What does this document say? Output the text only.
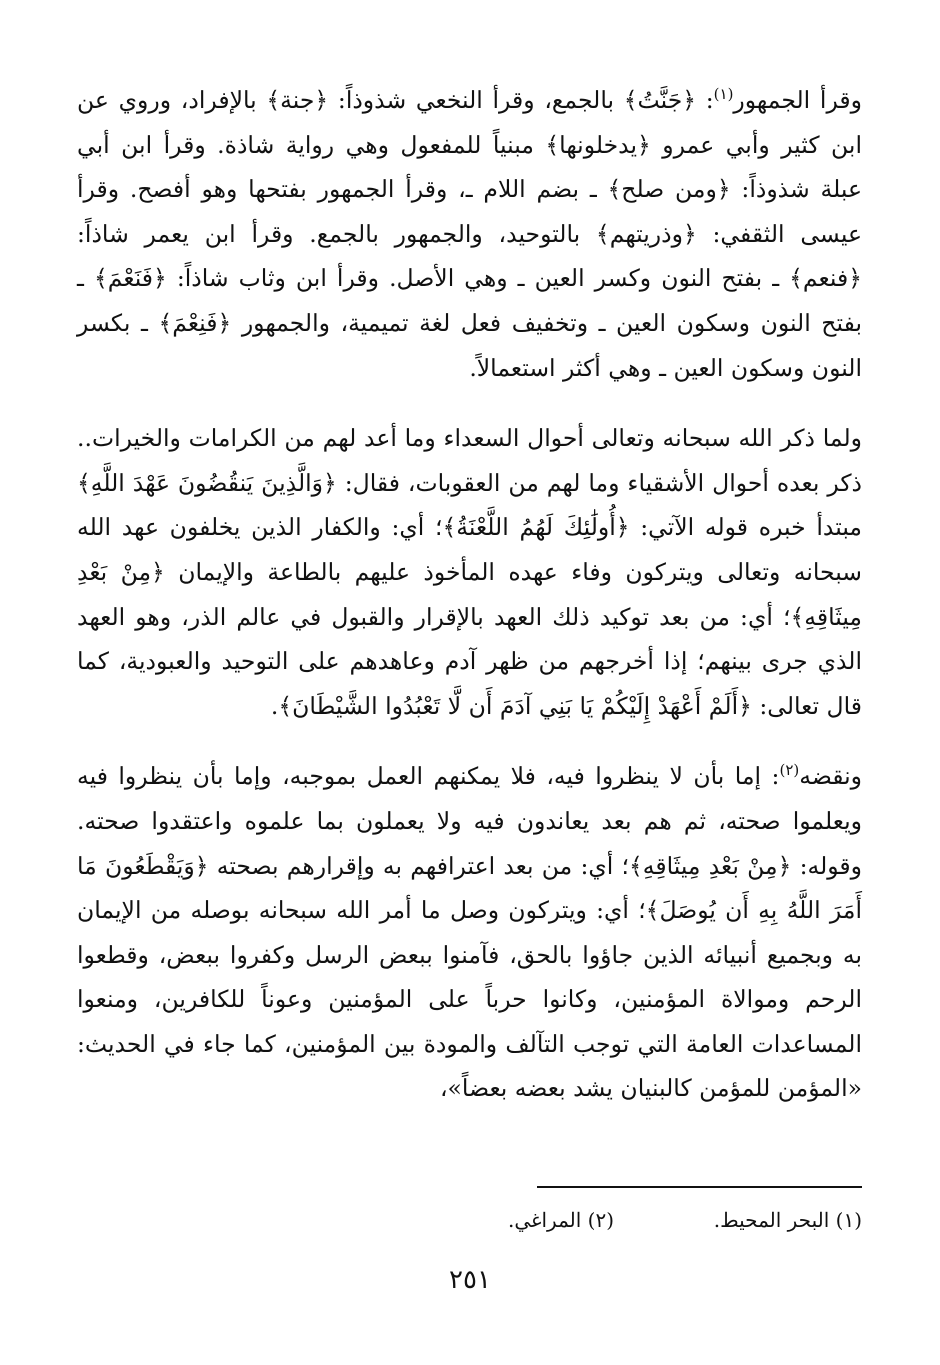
وقرأ الجمهور$^{(١)}$: ﴿جَنَّتُ﴾ بالجمع، وقرأ النخعي شذوذاً: ﴿جنة﴾ بالإفراد، وروي عن ابن كثير وأبي عمرو ﴿يدخلونها﴾ مبنياً للمفعول وهي رواية شاذة. وقرأ ابن أبي عبلة شذوذاً: ﴿ومن صلح﴾ ـ بضم اللام ـ، وقرأ الجمهور بفتحها وهو أفصح. وقرأ عيسى الثقفي: ﴿وذريتهم﴾ بالتوحيد، والجمهور بالجمع. وقرأ ابن يعمر شاذاً: ﴿فنعم﴾ ـ بفتح النون وكسر العين ـ وهي الأصل. وقرأ ابن وثاب شاذاً: ﴿فَنَعْمَ﴾ ـ بفتح النون وسكون العين ـ وتخفيف فعل لغة تميمية، والجمهور ﴿فَنِعْمَ﴾ ـ بكسر النون وسكون العين ـ وهي أكثر استعمالاً.

ولما ذكر الله سبحانه وتعالى أحوال السعداء وما أعد لهم من الكرامات والخيرات.. ذكر بعده أحوال الأشقياء وما لهم من العقوبات، فقال: ﴿وَالَّذِينَ يَنقُضُونَ عَهْدَ اللَّهِ﴾ مبتدأ خبره قوله الآتي: ﴿أُولَٰئِكَ لَهُمُ اللَّعْنَةُ﴾؛ أي: والكفار الذين يخلفون عهد الله سبحانه وتعالى ويتركون وفاء عهده المأخوذ عليهم بالطاعة والإيمان ﴿مِنْ بَعْدِ مِيثَاقِهِ﴾؛ أي: من بعد توكيد ذلك العهد بالإقرار والقبول في عالم الذر، وهو العهد الذي جرى بينهم؛ إذا أخرجهم من ظهر آدم وعاهدهم على التوحيد والعبودية، كما قال تعالى: ﴿أَلَمْ أَعْهَدْ إِلَيْكُمْ يَا بَنِي آدَمَ أَن لَّا تَعْبُدُوا الشَّيْطَانَ﴾.

ونقضه$^{(٢)}$: إما بأن لا ينظروا فيه، فلا يمكنهم العمل بموجبه، وإما بأن ينظروا فيه ويعلموا صحته، ثم هم بعد يعاندون فيه ولا يعملون بما علموه واعتقدوا صحته. وقوله: ﴿مِنْ بَعْدِ مِيثَاقِهِ﴾؛ أي: من بعد اعترافهم به وإقرارهم بصحته ﴿وَيَقْطَعُونَ مَا أَمَرَ اللَّهُ بِهِ أَن يُوصَلَ﴾؛ أي: ويتركون وصل ما أمر الله سبحانه بوصله من الإيمان به وبجميع أنبيائه الذين جاؤوا بالحق، فآمنوا ببعض الرسل وكفروا ببعض، وقطعوا الرحم وموالاة المؤمنين، وكانوا حرباً على المؤمنين وعوناً للكافرين، ومنعوا المساعدات العامة التي توجب التآلف والمودة بين المؤمنين، كما جاء في الحديث: «المؤمن للمؤمن كالبنيان يشد بعضه بعضاً»،

(١) البحر المحيط.(٢) المراغي.
٢٥١
